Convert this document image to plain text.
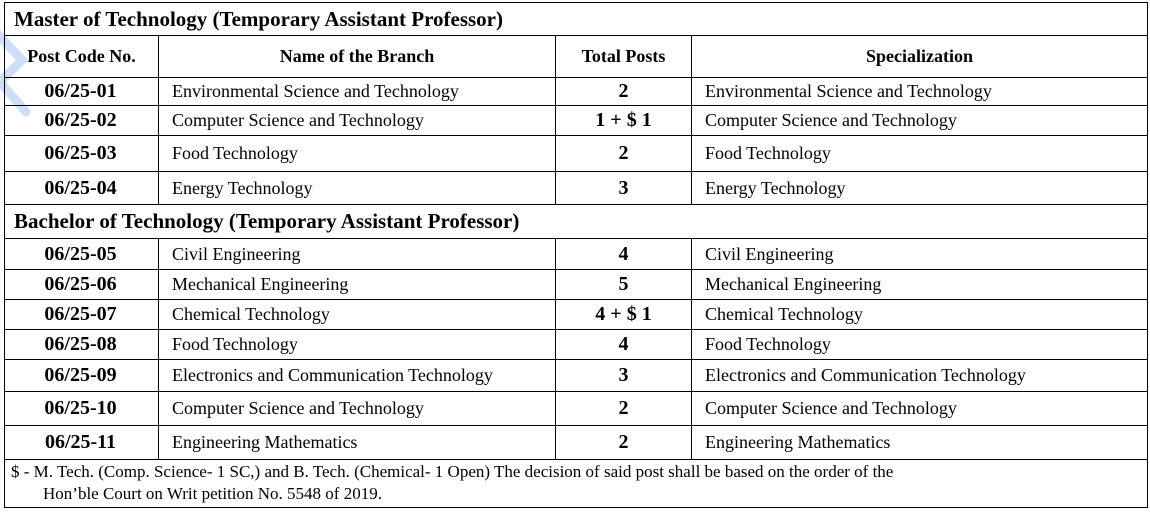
Master of Technology (Temporary Assistant Professor)			
Post Code No.	Name of the Branch	Total Posts	Specialization
06/25-01	Environmental Science and Technology	2	Environmental Science and Technology
06/25-02	Computer Science and Technology	1 + $ 1	Computer Science and Technology
06/25-03	Food Technology	2	Food Technology
06/25-04	Energy Technology	3	Energy Technology
Bachelor of Technology (Temporary Assistant Professor)			
06/25-05	Civil Engineering	4	Civil Engineering
06/25-06	Mechanical Engineering	5	Mechanical Engineering
06/25-07	Chemical Technology	4 + $ 1	Chemical Technology
06/25-08	Food Technology	4	Food Technology
06/25-09	Electronics and Communication Technology	3	Electronics and Communication Technology
06/25-10	Computer Science and Technology	2	Computer Science and Technology
06/25-11	Engineering Mathematics	2	Engineering Mathematics
$ - M. Tech. (Comp. Science- 1 SC,) and B. Tech. (Chemical- 1 Open) The decision of said post shall be based on the order of the
Hon’ble Court on Writ petition No. 5548 of 2019.			
